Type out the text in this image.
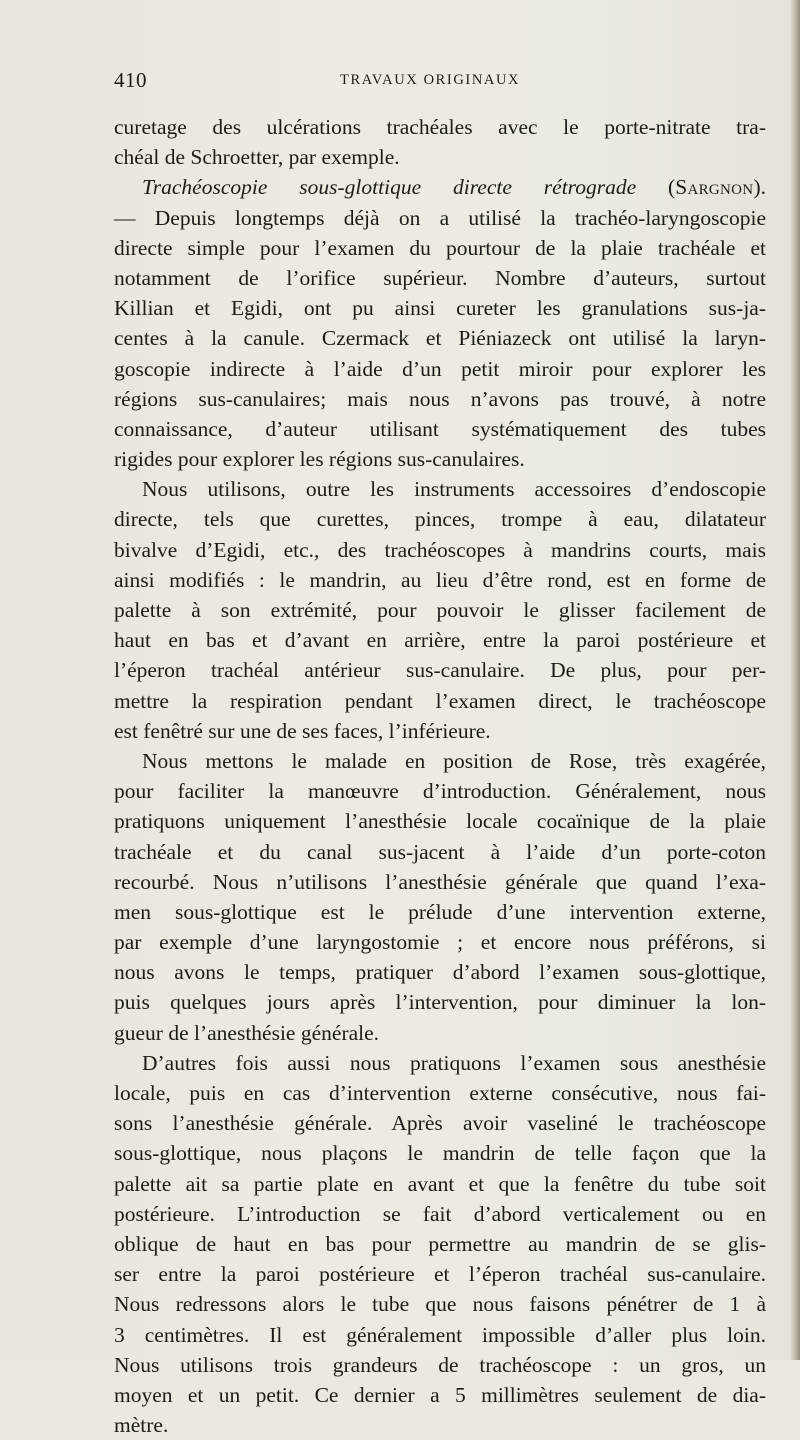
410	TRAVAUX ORIGINAUX
curetage des ulcérations trachéales avec le porte-nitrate tra-
chéal de Schroetter, par exemple.
Trachéoscopie sous-glottique directe rétrograde (Sargnon).
— Depuis longtemps déjà on a utilisé la trachéo-laryngoscopie
directe simple pour l’examen du pourtour de la plaie trachéale et
notamment de l’orifice supérieur. Nombre d’auteurs, surtout
Killian et Egidi, ont pu ainsi cureter les granulations sus-ja-
centes à la canule. Czermack et Piéniazeck ont utilisé la laryn-
goscopie indirecte à l’aide d’un petit miroir pour explorer les
régions sus-canulaires; mais nous n’avons pas trouvé, à notre
connaissance, d’auteur utilisant systématiquement des tubes
rigides pour explorer les régions sus-canulaires.
Nous utilisons, outre les instruments accessoires d’endoscopie
directe, tels que curettes, pinces, trompe à eau, dilatateur
bivalve d’Egidi, etc., des trachéoscopes à mandrins courts, mais
ainsi modifiés : le mandrin, au lieu d’être rond, est en forme de
palette à son extrémité, pour pouvoir le glisser facilement de
haut en bas et d’avant en arrière, entre la paroi postérieure et
l’éperon trachéal antérieur sus-canulaire. De plus, pour per-
mettre la respiration pendant l’examen direct, le trachéoscope
est fenêtré sur une de ses faces, l’inférieure.
Nous mettons le malade en position de Rose, très exagérée,
pour faciliter la manœuvre d’introduction. Généralement, nous
pratiquons uniquement l’anesthésie locale cocaïnique de la plaie
trachéale et du canal sus-jacent à l’aide d’un porte-coton
recourbé. Nous n’utilisons l’anesthésie générale que quand l’exa-
men sous-glottique est le prélude d’une intervention externe,
par exemple d’une laryngostomie ; et encore nous préférons, si
nous avons le temps, pratiquer d’abord l’examen sous-glottique,
puis quelques jours après l’intervention, pour diminuer la lon-
gueur de l’anesthésie générale.
D’autres fois aussi nous pratiquons l’examen sous anesthésie
locale, puis en cas d’intervention externe consécutive, nous fai-
sons l’anesthésie générale. Après avoir vaseliné le trachéoscope
sous-glottique, nous plaçons le mandrin de telle façon que la
palette ait sa partie plate en avant et que la fenêtre du tube soit
postérieure. L’introduction se fait d’abord verticalement ou en
oblique de haut en bas pour permettre au mandrin de se glis-
ser entre la paroi postérieure et l’éperon trachéal sus-canulaire.
Nous redressons alors le tube que nous faisons pénétrer de 1 à
3 centimètres. Il est généralement impossible d’aller plus loin.
Nous utilisons trois grandeurs de trachéoscope : un gros, un
moyen et un petit. Ce dernier a 5 millimètres seulement de dia-
mètre.
